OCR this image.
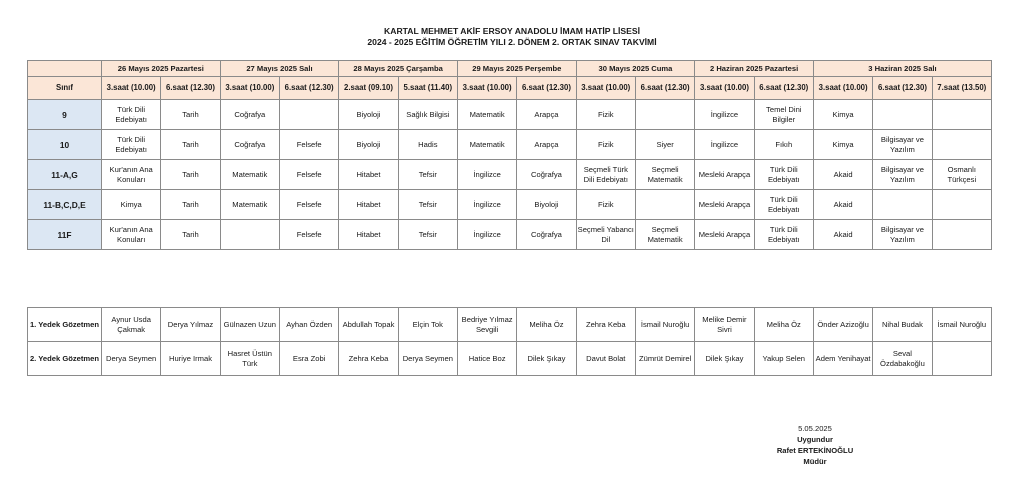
KARTAL MEHMET AKİF ERSOY ANADOLU İMAM HATİP LİSESİ
2024 - 2025 EĞİTİM ÖĞRETİM YILI 2. DÖNEM 2. ORTAK SINAV TAKVİMİ
	26 Mayıs 2025 Pazartesi		27 Mayıs 2025 Salı		28 Mayıs 2025 Çarşamba		29 Mayıs 2025 Perşembe		30 Mayıs 2025 Cuma		2 Haziran 2025 Pazartesi		3 Haziran 2025 Salı		
Sınıf	3.saat (10.00)	6.saat (12.30)	3.saat (10.00)	6.saat (12.30)	2.saat (09.10)	5.saat (11.40)	3.saat (10.00)	6.saat (12.30)	3.saat (10.00)	6.saat (12.30)	3.saat (10.00)	6.saat (12.30)	3.saat (10.00)	6.saat (12.30)	7.saat (13.50)
9	Türk Dili Edebiyatı	Tarih	Coğrafya		Biyoloji	Sağlık Bilgisi	Matematik	Arapça	Fizik		İngilizce	Temel Dini Bilgiler	Kimya		
10	Türk Dili Edebiyatı	Tarih	Coğrafya	Felsefe	Biyoloji	Hadis	Matematik	Arapça	Fizik	Siyer	İngilizce	Fıkıh	Kimya	Bilgisayar ve Yazılım	
11-A,G	Kur'anın Ana Konuları	Tarih	Matematik	Felsefe	Hitabet	Tefsir	İngilizce	Coğrafya	Seçmeli Türk Dili Edebiyatı	Seçmeli Matematik	Mesleki Arapça	Türk Dili Edebiyatı	Akaid	Bilgisayar ve Yazılım	Osmanlı Türkçesi
11-B,C,D,E	Kimya	Tarih	Matematik	Felsefe	Hitabet	Tefsir	İngilizce	Biyoloji	Fizik		Mesleki Arapça	Türk Dili Edebiyatı	Akaid		
11F	Kur'anın Ana Konuları	Tarih		Felsefe	Hitabet	Tefsir	İngilizce	Coğrafya	Seçmeli Yabancı Dil	Seçmeli Matematik	Mesleki Arapça	Türk Dili Edebiyatı	Akaid	Bilgisayar ve Yazılım	
1. Yedek Gözetmen	Aynur Usda Çakmak	Derya Yılmaz	Gülnazen Uzun	Ayhan Özden	Abdullah Topak	Elçin Tok	Bedriye Yılmaz Sevgili	Meliha Öz	Zehra Keba	İsmail Nuroğlu	Melike Demir Sivri	Meliha Öz	Önder Azizoğlu	Nihal Budak	İsmail Nuroğlu
2. Yedek Gözetmen	Derya Seymen	Huriye Irmak	Hasret Üstün Türk	Esra Zobi	Zehra Keba	Derya Seymen	Hatice Boz	Dilek Şıkay	Davut Bolat	Zümrüt Demirel	Dilek Şıkay	Yakup Selen	Adem Yenihayat	Seval Özdabakoğlu	
5.05.2025
Uygundur
Rafet ERTEKİNOĞLU
Müdür
